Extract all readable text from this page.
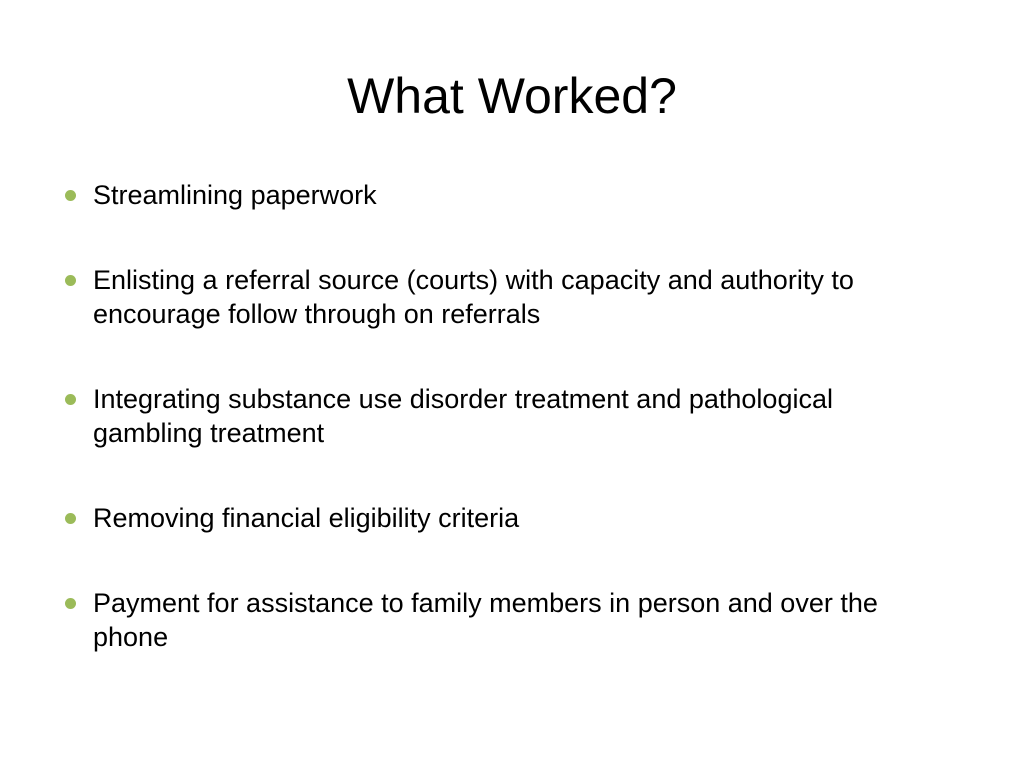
What Worked?
Streamlining paperwork
Enlisting a referral source (courts) with capacity and authority to encourage follow through on referrals
Integrating substance use disorder treatment and pathological gambling treatment
Removing financial eligibility criteria
Payment for assistance to family members in person and over the phone
